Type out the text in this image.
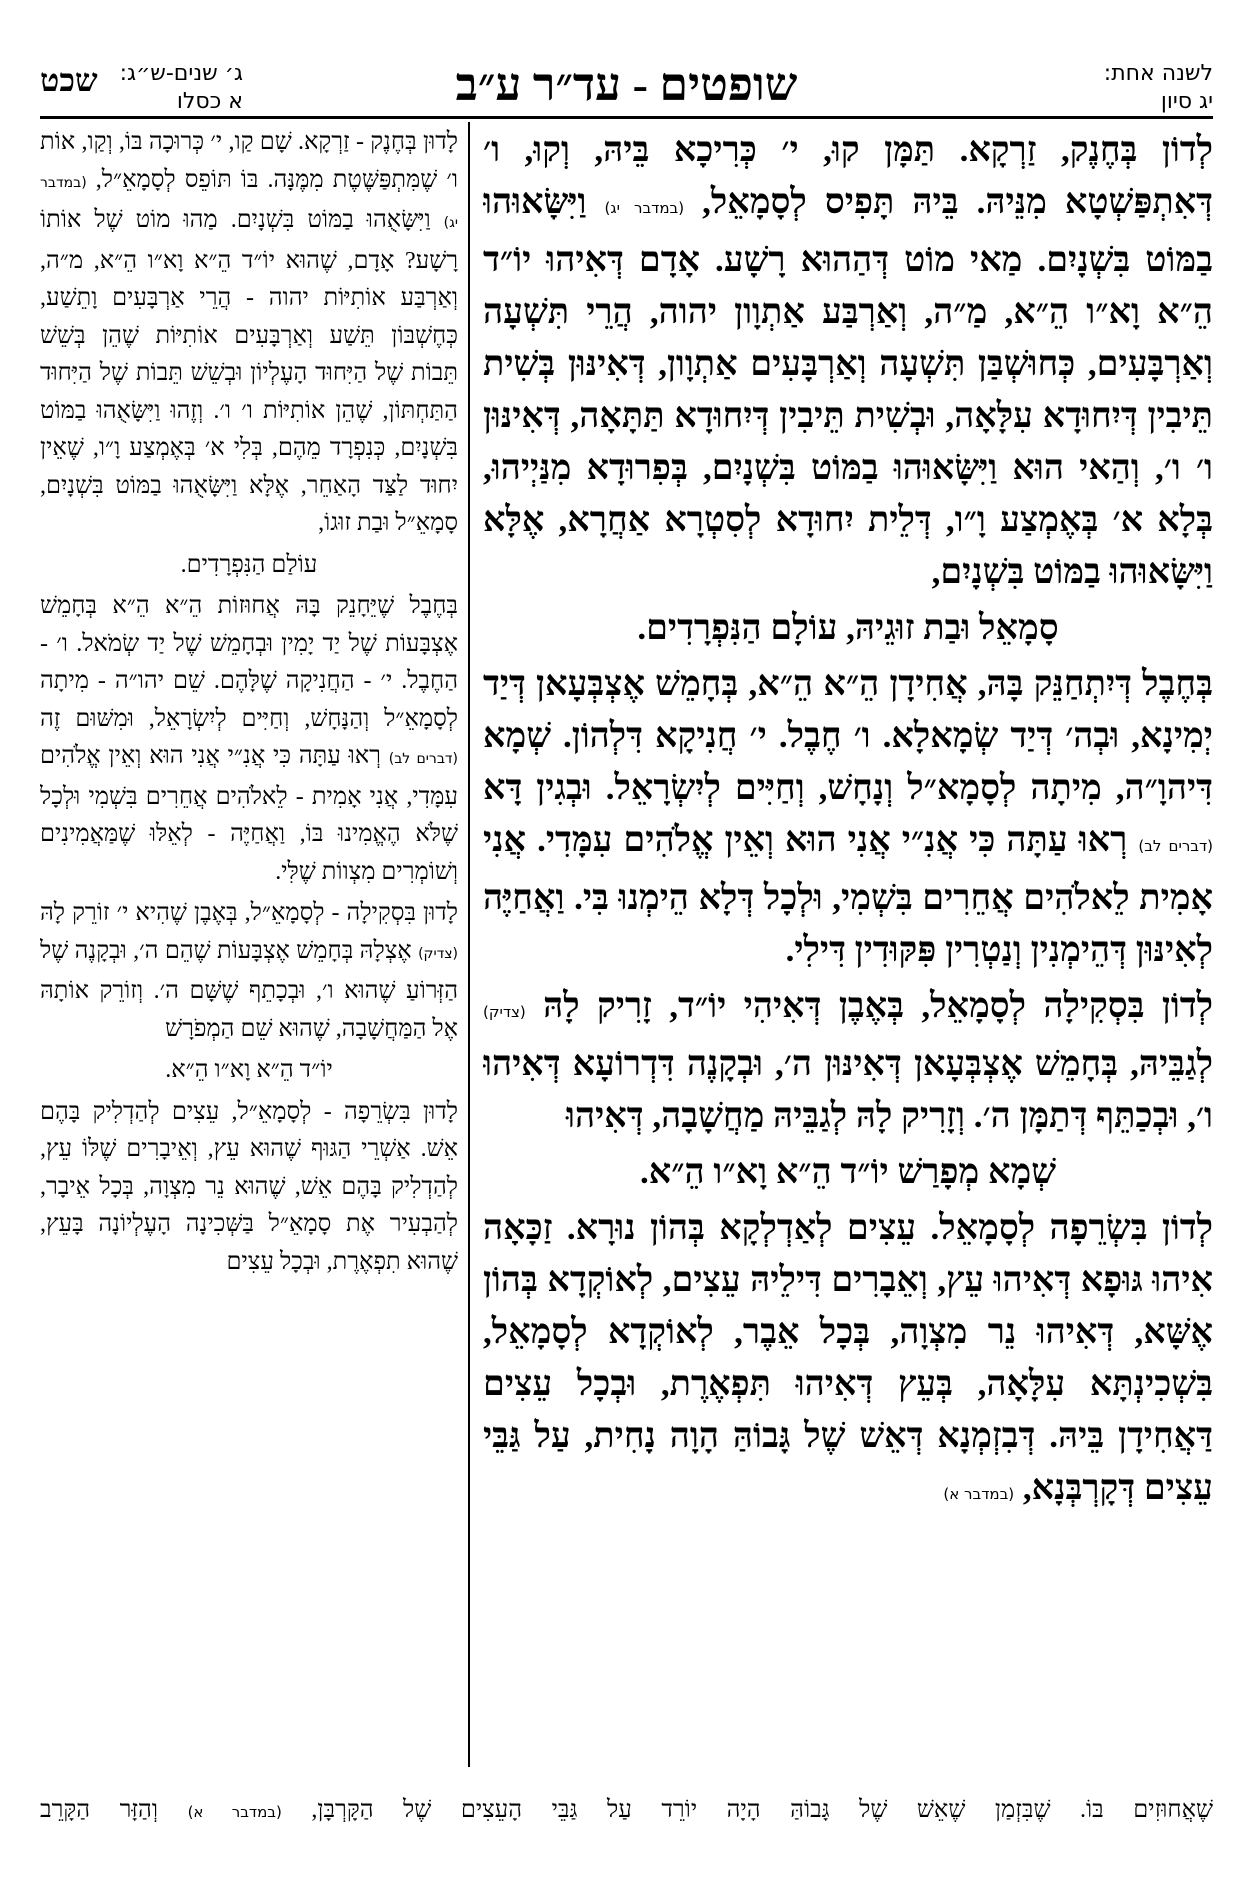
לשנה אחת:
יג סיון
שופטים - עד״ר ע״ב
שכט ג׳ שנים-ש״ג:
א כסלו

לְדוֹן בְּחֶנֶק, זַרְקָא. תַּמָּן קוּ, י׳ כְּרִיכָא בֵּיהּ, וְקוּ, ו׳ דְּאִתְפַּשְׁטָא מִנֵּיהּ. בֵּיהּ תָּפִיס לְסָמָאֵל, (במדבר יג) וַיִּשָּׂאוּהוּ בַמּוֹט בִּשְׁנָיִם. מַאי מוֹט דְּהַהוּא רָשָׁע. אָדָם דְּאִיהוּ יוֹ״ד הֵ״א וָא״ו הֵ״א, מַ״ה, וְאַרְבַּע אַתְוָון יהוה, הֲרֵי תִּשְׁעָה וְאַרְבָּעִים, כְּחוּשְׁבַּן תִּשְׁעָה וְאַרְבָּעִים אַתְוָון, דְּאִינּוּן בְּשִׁית תֵּיבִין דְּיִחוּדָא עִלָּאָה, וּבְשִׁית תֵּיבִין דְּיִחוּדָא תַּתָּאָה, דְּאִינּוּן ו׳ ו׳, וְהַאי הוּא וַיִּשָּׂאוּהוּ בַמּוֹט בִּשְׁנָיִם, בְּפִרוּדָא מִנַּיְיהוּ, בְּלָא א׳ בְּאֶמְצַע וָ״ו, דְּלֵית יִחוּדָא לְסִטְרָא אַחֲרָא, אֶלָּא וַיִּשָּׂאוּהוּ בַמּוֹט בִּשְׁנָיִם,

סָמָאֵל וּבַת זוּגֵיהּ, עוֹלָם הַנִּפְרָדִים.

בְּחֶבֶל דְּיִתְחַנֵּק בָּהּ, אֲחִידָן הֵ״א הֵ״א, בְּחָמֵשׁ אֶצְבְּעָאן דְּיַד יְמִינָא, וּבְה׳ דְּיַד שְׂמָאלָא. ו׳ חֶבֶל. י׳ חֲנִיקָא דִּלְהוֹן. שְׁמָא דִּיהוָ״ה, מִיתָה לְסָמָא״ל וְנָחָשׁ, וְחַיִּים לְיִשְׂרָאֵל. וּבְגִין דָּא (דברים לב) רְאוּ עַתָּה כִּי אֲנִ״י אֲנִי הוּא וְאֵין אֱלֹהִים עִמָּדִי. אֲנִי אָמִית לֵאלֹהִים אֲחֵרִים בִּשְׁמִי, וּלְכָל דְּלָא הֵימְנוּ בִּי. וַאֲחַיֶּה לְאִינּוּן דְּהֵימְנִין וְנַטְרִין פִּקּוּדִין דִּילִי.

לְדוֹן בִּסְקִילָה לְסָמָאֵל, בְּאֶבֶן דְּאִיהִי יוֹ״ד, זָרִיק לָהּ (צדיק) לְגַבֵּיהּ, בְּחָמֵשׁ אֶצְבְּעָאן דְּאִינּוּן ה׳, וּבְקָנֶה דִּדְרוֹעָא דְּאִיהוּ ו׳, וּבְכַתֵּף דְּתַמָּן ה׳. וְזָרִיק לָהּ לְגַבֵּיהּ מַחֲשָׁבָה, דְּאִיהוּ

שְׁמָא מְפָרַשׁ יוֹ״ד הֵ״א וָא״ו הֵ״א.

לְדוֹן בִּשְׂרֵפָה לְסָמָאֵל. עֵצִים לְאַדְלְקָא בְּהוֹן נוּרָא. זַכָּאָה אִיהוּ גּוּפָא דְּאִיהוּ עֵץ, וְאֵבָרִים דִּילֵיהּ עֵצִים, לְאוֹקְדָא בְּהוֹן אֶשָּׁא, דְּאִיהוּ נֵר מִצְוָה, בְּכָל אֵבֶר, לְאוֹקְדָא לְסָמָאֵל, בִּשְׁכִינְתָּא עִלָּאָה, בְּעֵץ דְּאִיהוּ תִּפְאֶרֶת, וּבְכָל עֵצִים דַּאֲחִידָן בֵּיהּ. דְּבִזְמְנָא דְּאֵשׁ שֶׁל גָּבוֹהַּ הָוָה נָחִית, עַל גַּבֵּי עֵצִים דְּקָרְבְּנָא, (במדבר א)

לָדוּן בְּחֶנֶק - זַרְקָא. שָׁם קַו, י׳ כְּרוּכָה בּוֹ, וְקַו, אוֹת ו׳ שֶׁמִּתְפַּשֶּׁטֶת מִמֶּנָּה. בּוֹ תּוֹפֵס לְסָמָאֵ״ל, (במדבר יג) וַיִּשָּׂאֻהוּ בַמּוֹט בִּשְׁנָיִם. מַהוּ מוֹט שֶׁל אוֹתוֹ רָשָׁע? אָדָם, שֶׁהוּא יוֹ״ד הֵ״א וָא״ו הֵ״א, מ״ה, וְאַרְבַּע אוֹתִיּוֹת יהוה - הֲרֵי אַרְבָּעִים וָתֵשַׁע, כְּחֶשְׁבּוֹן תֵּשַׁע וְאַרְבָּעִים אוֹתִיּוֹת שֶׁהֵן בְּשֵׁשׁ תֵּבוֹת שֶׁל הַיִּחוּד הָעֶלְיוֹן וּבְשֵׁשׁ תֵּבוֹת שֶׁל הַיִּחוּד הַתַּחְתּוֹן, שֶׁהֵן אוֹתִיּוֹת ו׳ ו׳. וְזֶהוּ וַיִּשָּׂאֻהוּ בַמּוֹט בִּשְׁנָיִם, כְּנִפְרָד מֵהֶם, בְּלִי א׳ בְּאֶמְצַע וָ״ו, שֶׁאֵין יִחוּד לַצַּד הָאַחֵר, אֶלָּא וַיִּשָּׂאֻהוּ בַמּוֹט בִּשְׁנָיִם, סָמָאֵ״ל וּבַת זוּגוֹ,

עוֹלַם הַנִּפְרָדִים.

בְּחֶבֶל שֶׁיֵּחָנֵק בָּהּ אֲחוּזוֹת הֵ״א הֵ״א בְּחָמֵשׁ אֶצְבָּעוֹת שֶׁל יַד יָמִין וּבְחָמֵשׁ שֶׁל יַד שְׂמֹאל. ו׳ - הַחֶבֶל. י׳ - הַחֲנִיקָה שֶׁלָּהֶם. שֵׁם יהו״ה - מִיתָה לְסָמָאֵ״ל וְהַנָּחָשׁ, וְחַיִּים לְיִשְׂרָאֵל, וּמִשּׁוּם זֶה (דברים לב) רְאוּ עַתָּה כִּי אֲנִ״י אֲנִי הוּא וְאֵין אֱלֹהִים עִמָּדִי, אֲנִי אָמִית - לֵאלֹהִים אֲחֵרִים בִּשְׁמִי וּלְכָל שֶׁלֹּא הֶאֱמִינוּ בּוֹ, וַאֲחַיֶּה - לְאֵלּוּ שֶׁמַּאֲמִינִים וְשׁוֹמְרִים מִצְווֹת שֶׁלִּי.

לָדוּן בִּסְקִילָה - לְסָמָאֵ״ל, בְּאֶבֶן שֶׁהִיא י׳ זוֹרֵק לָהּ (צדיק) אֶצְלָהּ בְּחָמֵשׁ אֶצְבָּעוֹת שֶׁהֵם ה׳, וּבְקָנֶה שֶׁל הַזְּרוֹעַ שֶׁהוּא ו׳, וּבְכָתֵף שֶׁשָּׁם ה׳. וְזוֹרֵק אוֹתָהּ אֶל הַמַּחֲשָׁבָה, שֶׁהוּא שֵׁם הַמְפֹרָשׁ

יוֹ״ד הֵ״א וָא״ו הֵ״א.

לָדוּן בִּשְׂרֵפָה - לְסָמָאֵ״ל, עֵצִים לְהַדְלִיק בָּהֶם אֵשׁ. אַשְׁרֵי הַגּוּף שֶׁהוּא עֵץ, וְאֵיבָרִים שֶׁלּוֹ עֵץ, לְהַדְלִיק בָּהֶם אֵשׁ, שֶׁהוּא נֵר מִצְוָה, בְּכָל אֵיבָר, לְהַבְעִיר אֶת סָמָאֵ״ל בַּשְּׁכִינָה הָעֶלְיוֹנָה בָּעֵץ, שֶׁהוּא תִפְאֶרֶת, וּבְכָל עֵצִים

שֶׁאֲחוּזִים בּוֹ. שֶׁבִּזְמַן שֶׁאֵשׁ שֶׁל גָּבוֹהַּ הָיָה יוֹרֵד עַל גַּבֵּי הָעֵצִים שֶׁל הַקָּרְבָּן, (במדבר א) וְהַזָּר הַקָּרֵב
